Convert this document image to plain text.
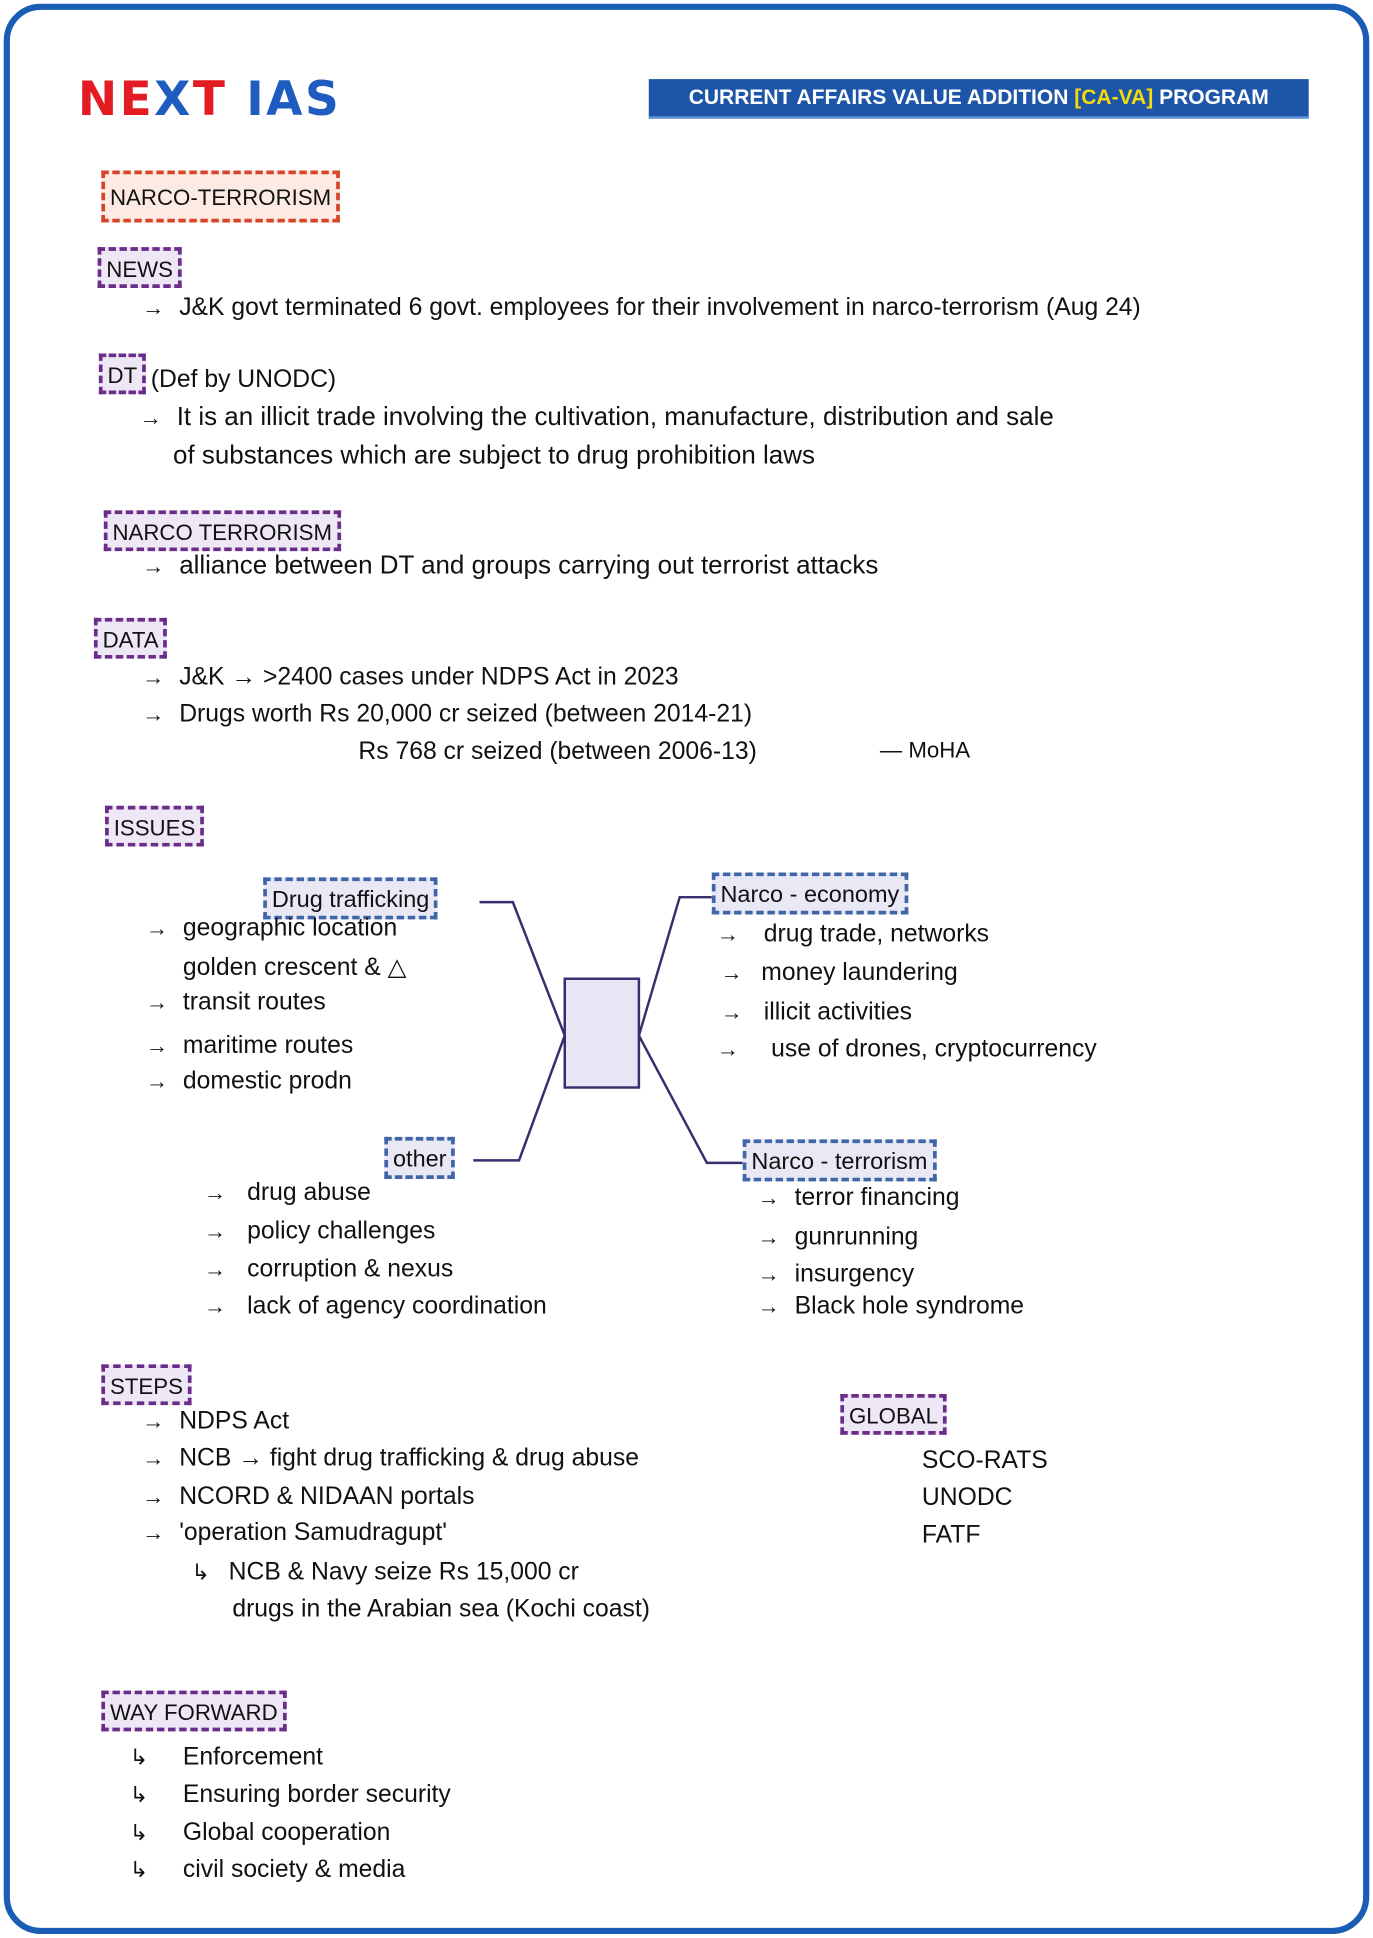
NEXT IAS	CURRENT AFFAIRS VALUE ADDITION [CA-VA] PROGRAM
NARCO-TERRORISM
NEWS
→ J&K govt terminated 6 govt. employees for their involvement in narco-terrorism (Aug 24)
DT (Def by UNODC)
→ It is an illicit trade involving the cultivation, manufacture, distribution and sale
of substances which are subject to drug prohibition laws
NARCO TERRORISM
→ alliance between DT and groups carrying out terrorist attacks
DATA
→ J&K → >2400 cases under NDPS Act in 2023
→ Drugs worth Rs 20,000 cr seized (between 2014-21)
Rs 768 cr seized (between 2006-13)	— MoHA
ISSUES
Drug trafficking
→ geographic location
golden crescent & △
→ transit routes
→ maritime routes
→ domestic prodn
Narco - economy
→ drug trade, networks
→ money laundering
→ illicit activities
→ use of drones, cryptocurrency
other
→ drug abuse
→ policy challenges
→ corruption & nexus
→ lack of agency coordination
Narco - terrorism
→ terror financing
→ gunrunning
→ insurgency
→ Black hole syndrome
STEPS
→ NDPS Act
→ NCB → fight drug trafficking & drug abuse
→ NCORD & NIDAAN portals
→ 'operation Samudragupt'
↳ NCB & Navy seize Rs 15,000 cr
drugs in the Arabian sea (Kochi coast)
GLOBAL
SCO-RATS
UNODC
FATF
WAY FORWARD
↳ Enforcement
↳ Ensuring border security
↳ Global cooperation
↳ civil society & media
